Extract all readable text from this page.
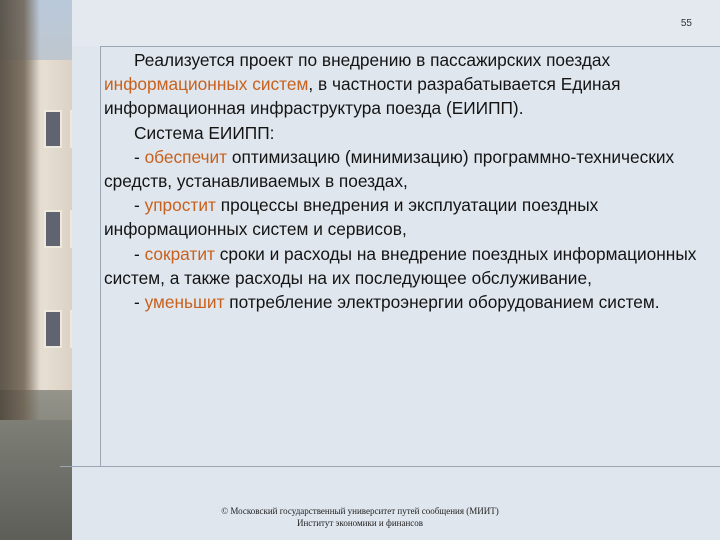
55

Реализуется проект по внедрению в пассажирских поездах информационных систем, в частности разрабатывается Единая информационная инфраструктура поезда (ЕИИПП).

Система ЕИИПП:

- обеспечит оптимизацию (минимизацию) программно-технических средств, устанавливаемых в поездах,

- упростит процессы внедрения и эксплуатации поездных информационных систем и сервисов,

- сократит сроки и расходы на внедрение поездных информационных систем, а также расходы на их последующее обслуживание,

- уменьшит потребление электроэнергии оборудованием систем.

© Московский государственный университет путей сообщения (МИИТ)
Институт экономики и финансов
